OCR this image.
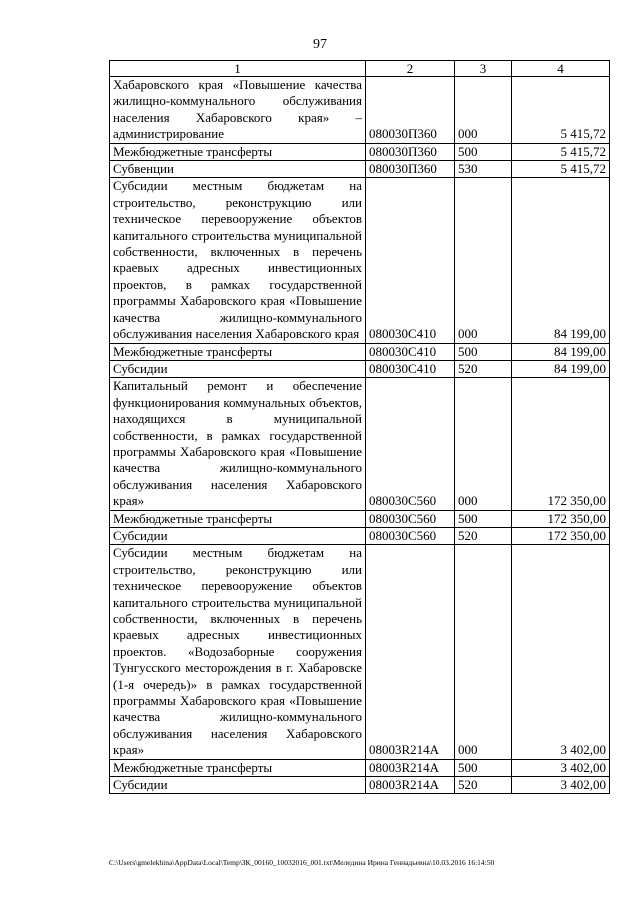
97
1	2	3	4
Хабаровского края «Повышение качества жилищно-коммунального обслуживания населения Хабаровского края» – администрирование	080030П360	000	5 415,72
Межбюджетные трансферты	080030П360	500	5 415,72
Субвенции	080030П360	530	5 415,72
Субсидии местным бюджетам на строительство, реконструкцию или техническое перевооружение объектов капитального строительства муниципальной собственности, включенных в перечень краевых адресных инвестиционных проектов, в рамках государственной программы Хабаровского края «Повышение качества жилищно-коммунального обслуживания населения Хабаровского края	080030С410	000	84 199,00
Межбюджетные трансферты	080030С410	500	84 199,00
Субсидии	080030С410	520	84 199,00
Капитальный ремонт и обеспечение функционирования коммунальных объектов, находящихся в муниципальной собственности, в рамках государственной программы Хабаровского края «Повышение качества жилищно-коммунального обслуживания населения Хабаровского края»	080030С560	000	172 350,00
Межбюджетные трансферты	080030С560	500	172 350,00
Субсидии	080030С560	520	172 350,00
Субсидии местным бюджетам на строительство, реконструкцию или техническое перевооружение объектов капитального строительства муниципальной собственности, включенных в перечень краевых адресных инвестиционных проектов. «Водозаборные сооружения Тунгусского месторождения в г. Хабаровске (1-я очередь)» в рамках государственной программы Хабаровского края «Повышение качества жилищно-коммунального обслуживания населения Хабаровского края»	08003R214A	000	3 402,00
Межбюджетные трансферты	08003R214A	500	3 402,00
Субсидии	08003R214A	520	3 402,00
C:\Users\gmelekhina\AppData\Local\Temp\ЗК_00160_10032016_001.txt\Меледина Ирина Геннадьевна\10.03.2016 16:14:50
